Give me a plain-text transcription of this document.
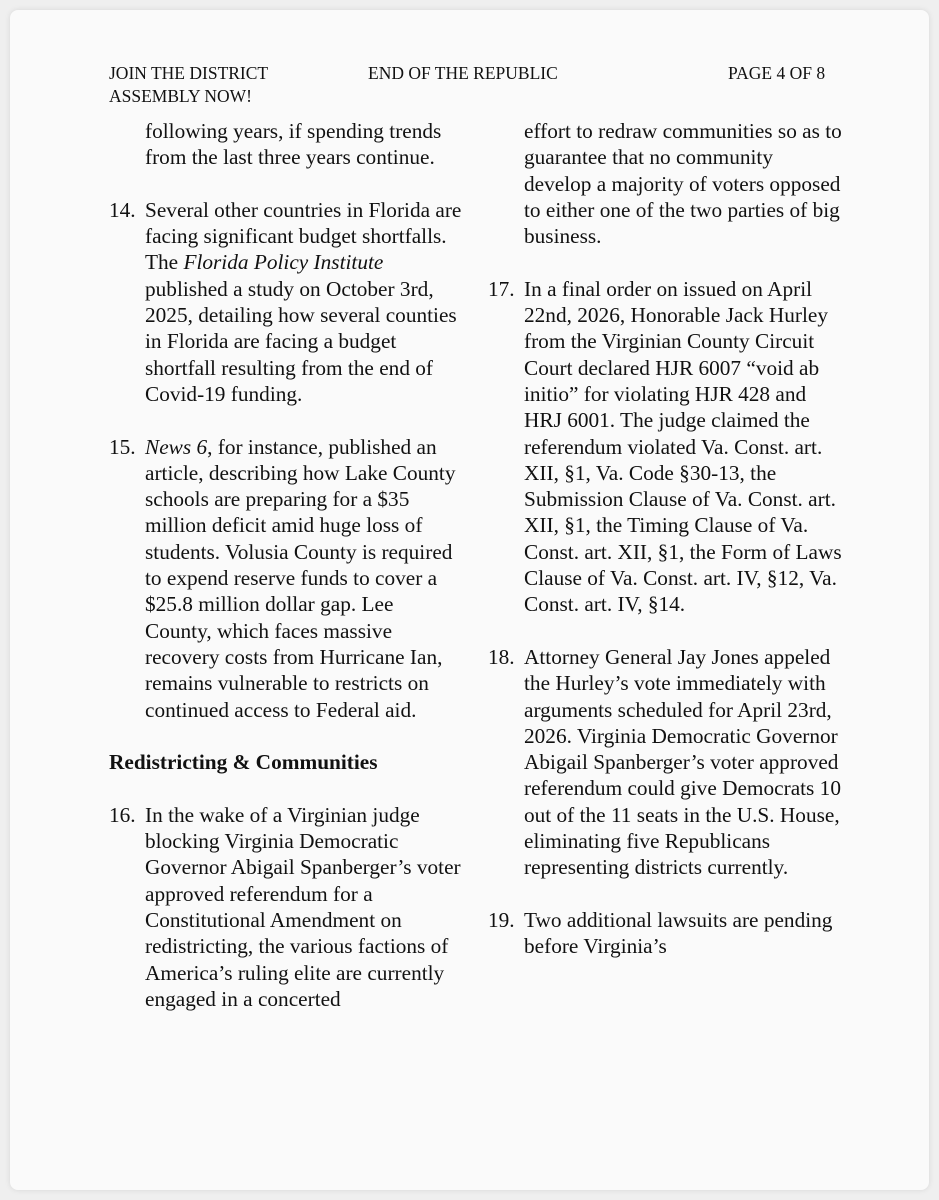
JOIN THE DISTRICT ASSEMBLY NOW!
END OF THE REPUBLIC	PAGE 4 OF 8
following years, if spending trends from the last three years continue.
14. Several other countries in Florida are facing significant budget shortfalls. The Florida Policy Institute published a study on October 3rd, 2025, detailing how several counties in Florida are facing a budget shortfall resulting from the end of Covid-19 funding.
15. News 6, for instance, published an article, describing how Lake County schools are preparing for a $35 million deficit amid huge loss of students. Volusia County is required to expend reserve funds to cover a $25.8 million dollar gap. Lee County, which faces massive recovery costs from Hurricane Ian, remains vulnerable to restricts on continued access to Federal aid.
Redistricting & Communities
16. In the wake of a Virginian judge blocking Virginia Democratic Governor Abigail Spanberger’s voter approved referendum for a Constitutional Amendment on redistricting, the various factions of America’s ruling elite are currently engaged in a concerted
effort to redraw communities so as to guarantee that no community develop a majority of voters opposed to either one of the two parties of big business.
17. In a final order on issued on April 22nd, 2026, Honorable Jack Hurley from the Virginian County Circuit Court declared HJR 6007 “void ab initio” for violating HJR 428 and HRJ 6001. The judge claimed the referendum violated Va. Const. art. XII, §1, Va. Code §30-13, the Submission Clause of Va. Const. art. XII, §1, the Timing Clause of Va. Const. art. XII, §1, the Form of Laws Clause of Va. Const. art. IV, §12, Va. Const. art. IV, §14.
18. Attorney General Jay Jones appeled the Hurley’s vote immediately with arguments scheduled for April 23rd, 2026. Virginia Democratic Governor Abigail Spanberger’s voter approved referendum could give Democrats 10 out of the 11 seats in the U.S. House, eliminating five Republicans representing districts currently.
19. Two additional lawsuits are pending before Virginia’s
